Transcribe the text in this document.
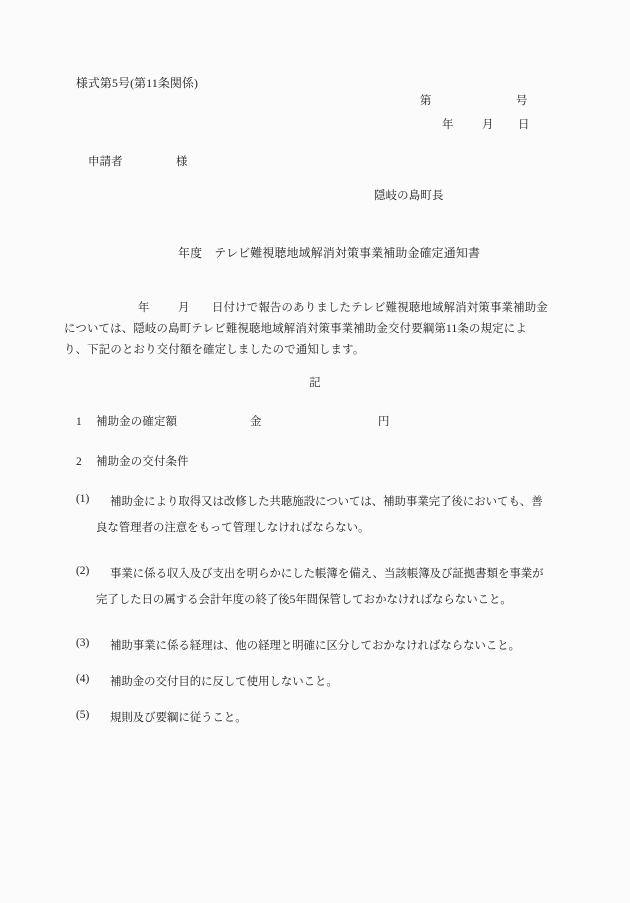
様式第5号(第11条関係)

第

	号

年

月

日

申請者

	様

隠岐の島町長
年度　テレビ難視聴地域解消対策事業補助金確定通知書

年

月

日付けで報告のありましたテレビ難視聴地域解消対策事業補助金

については、隠岐の島町テレビ難視聴地域解消対策事業補助金交付要綱第11条の規定によ
り、下記のとおり交付額を確定しましたので通知します。
記

1

補助金の確定額

	金

	円

2

補助金の交付条件

(1)

補助金により取得又は改修した共聴施設については、補助事業完了後においても、善

良な管理者の注意をもって管理しなければならない。

(2)

事業に係る収入及び支出を明らかにした帳簿を備え、当該帳簿及び証拠書類を事業が

完了した日の属する会計年度の終了後5年間保管しておかなければならないこと。

(3)

補助事業に係る経理は、他の経理と明確に区分しておかなければならないこと。

(4)

補助金の交付目的に反して使用しないこと。

(5)

規則及び要綱に従うこと。
